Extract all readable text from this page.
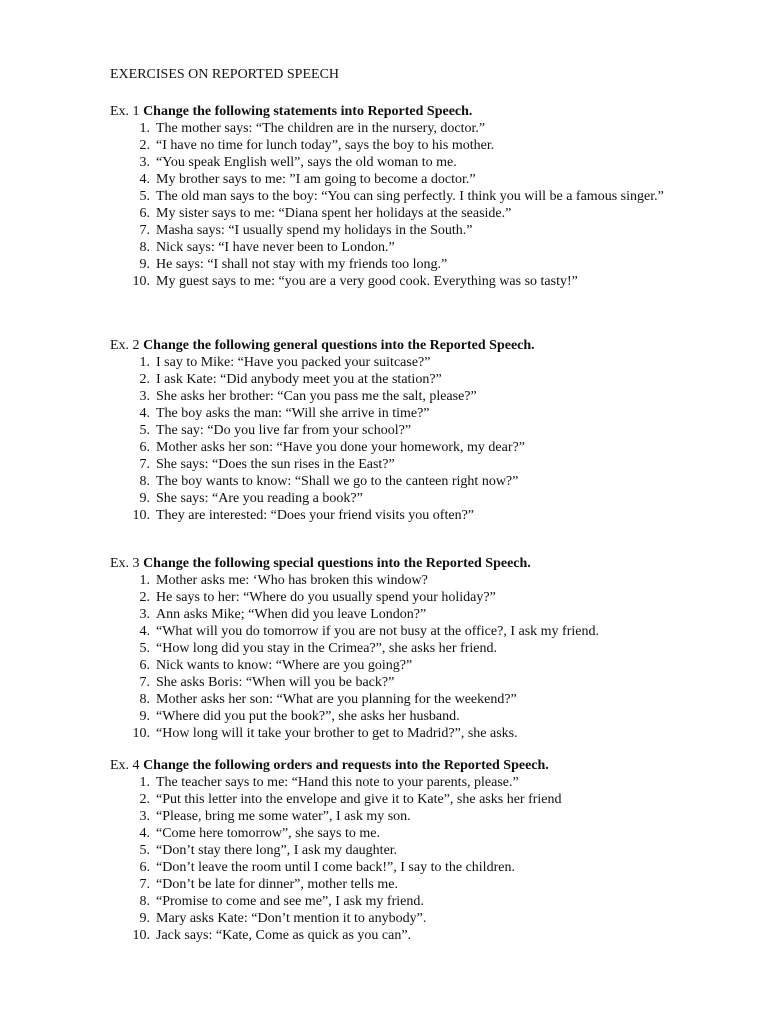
EXERCISES ON REPORTED SPEECH
Ex. 1 Change the following statements into Reported Speech.
1. The mother says: “The children are in the nursery, doctor.”
2. “I have no time for lunch today”, says the boy to his mother.
3. “You speak English well”, says the old woman to me.
4. My brother says to me: ”I am going to become a doctor.”
5. The old man says to the boy: “You can sing perfectly. I think you will be a famous singer.”
6. My sister says to me: “Diana spent her holidays at the seaside.”
7. Masha says: “I usually spend my holidays in the South.”
8. Nick says: “I have never been to London.”
9. He says: “I shall not stay with my friends too long.”
10. My guest says to me: “you are a very good cook. Everything was so tasty!”
Ex. 2 Change the following general questions into the Reported Speech.
1. I say to Mike: “Have you packed your suitcase?”
2. I ask Kate: “Did anybody meet you at the station?”
3. She asks her brother: “Can you pass me the salt, please?”
4. The boy asks the man: “Will she arrive in time?”
5. The say: “Do you live far from your school?”
6. Mother asks her son: “Have you done your homework, my dear?”
7. She says: “Does the sun rises in the East?”
8. The boy wants to know: “Shall we go to the canteen right now?”
9. She says: “Are you reading a book?”
10. They are interested: “Does your friend visits you often?”
Ex. 3 Change the following special questions into the Reported Speech.
1. Mother asks me: ‘Who has broken this window?
2. He says to her: “Where do you usually spend your holiday?”
3. Ann asks Mike; “When did you leave London?”
4. “What will you do tomorrow if you are not busy at the office?, I ask my friend.
5. “How long did you stay in the Crimea?”, she asks her friend.
6. Nick wants to know: “Where are you going?”
7. She asks Boris: “When will you be back?”
8. Mother asks her son: “What are you planning for the weekend?”
9. “Where did you put the book?”, she asks her husband.
10. “How long will it take your brother to get to Madrid?”, she asks.
Ex. 4 Change the following orders and requests into the Reported Speech.
1. The teacher says to me: “Hand this note to your parents, please.”
2. “Put this letter into the envelope and give it to Kate”, she asks her friend
3. “Please, bring me some water”, I ask my son.
4. “Come here tomorrow”, she says to me.
5. “Don’t stay there long”, I ask my daughter.
6. “Don’t leave the room until I come back!”, I say to the children.
7. “Don’t be late for dinner”, mother tells me.
8. “Promise to come and see me”, I ask my friend.
9. Mary asks Kate: “Don’t mention it to anybody”.
10. Jack says: “Kate, Come as quick as you can”.
